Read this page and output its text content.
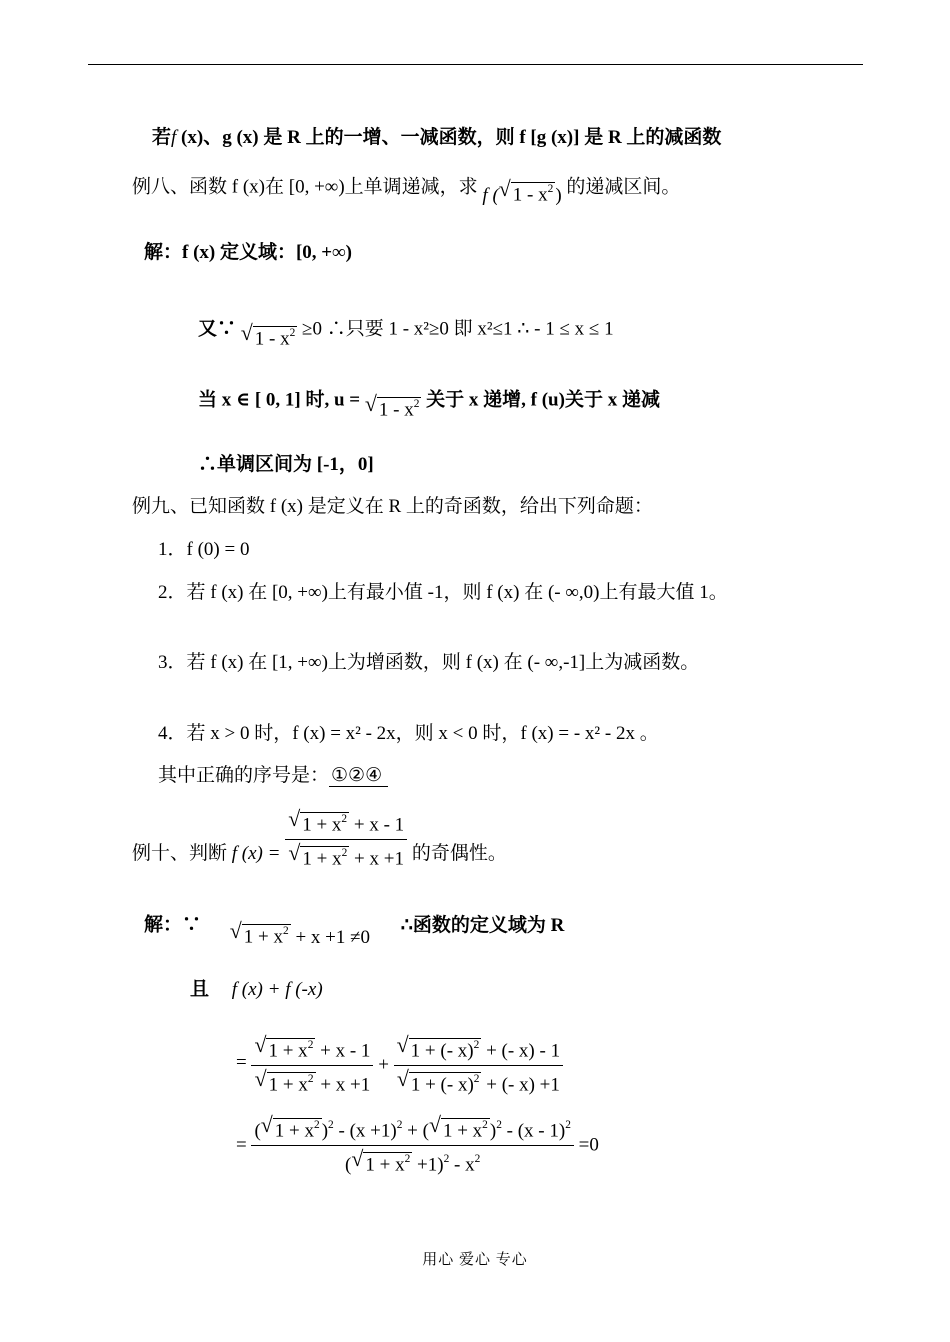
若f (x)、g (x) 是 R 上的一增、一减函数，则 f [g (x)] 是 R 上的减函数
例八、函数 f (x)在 [0, +∞)上单调递减，求 f ( √ $1 - x^2$ ) 的递减区间。
解：f (x) 定义域：[0, +∞)
又∵ √ $1 - x^2 \ge 0$ ∴只要 1 - x²≥0 即 x²≤1 ∴ - 1 ≤ x ≤ 1
当 x ∈ [ 0, 1] 时, u = √ $1 - x^2$ 关于 x 递增, f (u)关于 x 递减
∴单调区间为 [-1，0]
例九、已知函数 f (x) 是定义在 R 上的奇函数，给出下列命题：
1．f (0) = 0
2．若 f (x) 在 [0, +∞)上有最小值 -1，则 f (x) 在 (- ∞,0)上有最大值 1。
3．若 f (x) 在 [1, +∞)上为增函数，则 f (x) 在 (- ∞,-1]上为减函数。
4．若 x > 0 时，f (x) = x² - 2x，则 x < 0 时，f (x) = - x² - 2x 。
其中正确的序号是： ①②④
例十、判断 f (x) = √ $1 + x^2 + x - 1$
√ $1 + x^2 + x +1$ 的奇偶性。
解：∵ √ $1 + x^2 + x +1 \ne 0$ ∴函数的定义域为 R
且 f (x) + f (-x)
= √ $1 + x^2 + x - 1$
√ $1 + x^2 + x +1$ + √ 1 + (- x)$^2$ + (- x) - 1
√ 1 + (- x)$^2$ + (- x) +1
= $\frac{( √ 1 + x^2 )^2 - (x +1)^2 + ( √ 1 + x^2 )^2 - (x - 1)^2}{( √ 1 + x^2 +1)^2 - x^2} =0$
用心 爱心 专心
